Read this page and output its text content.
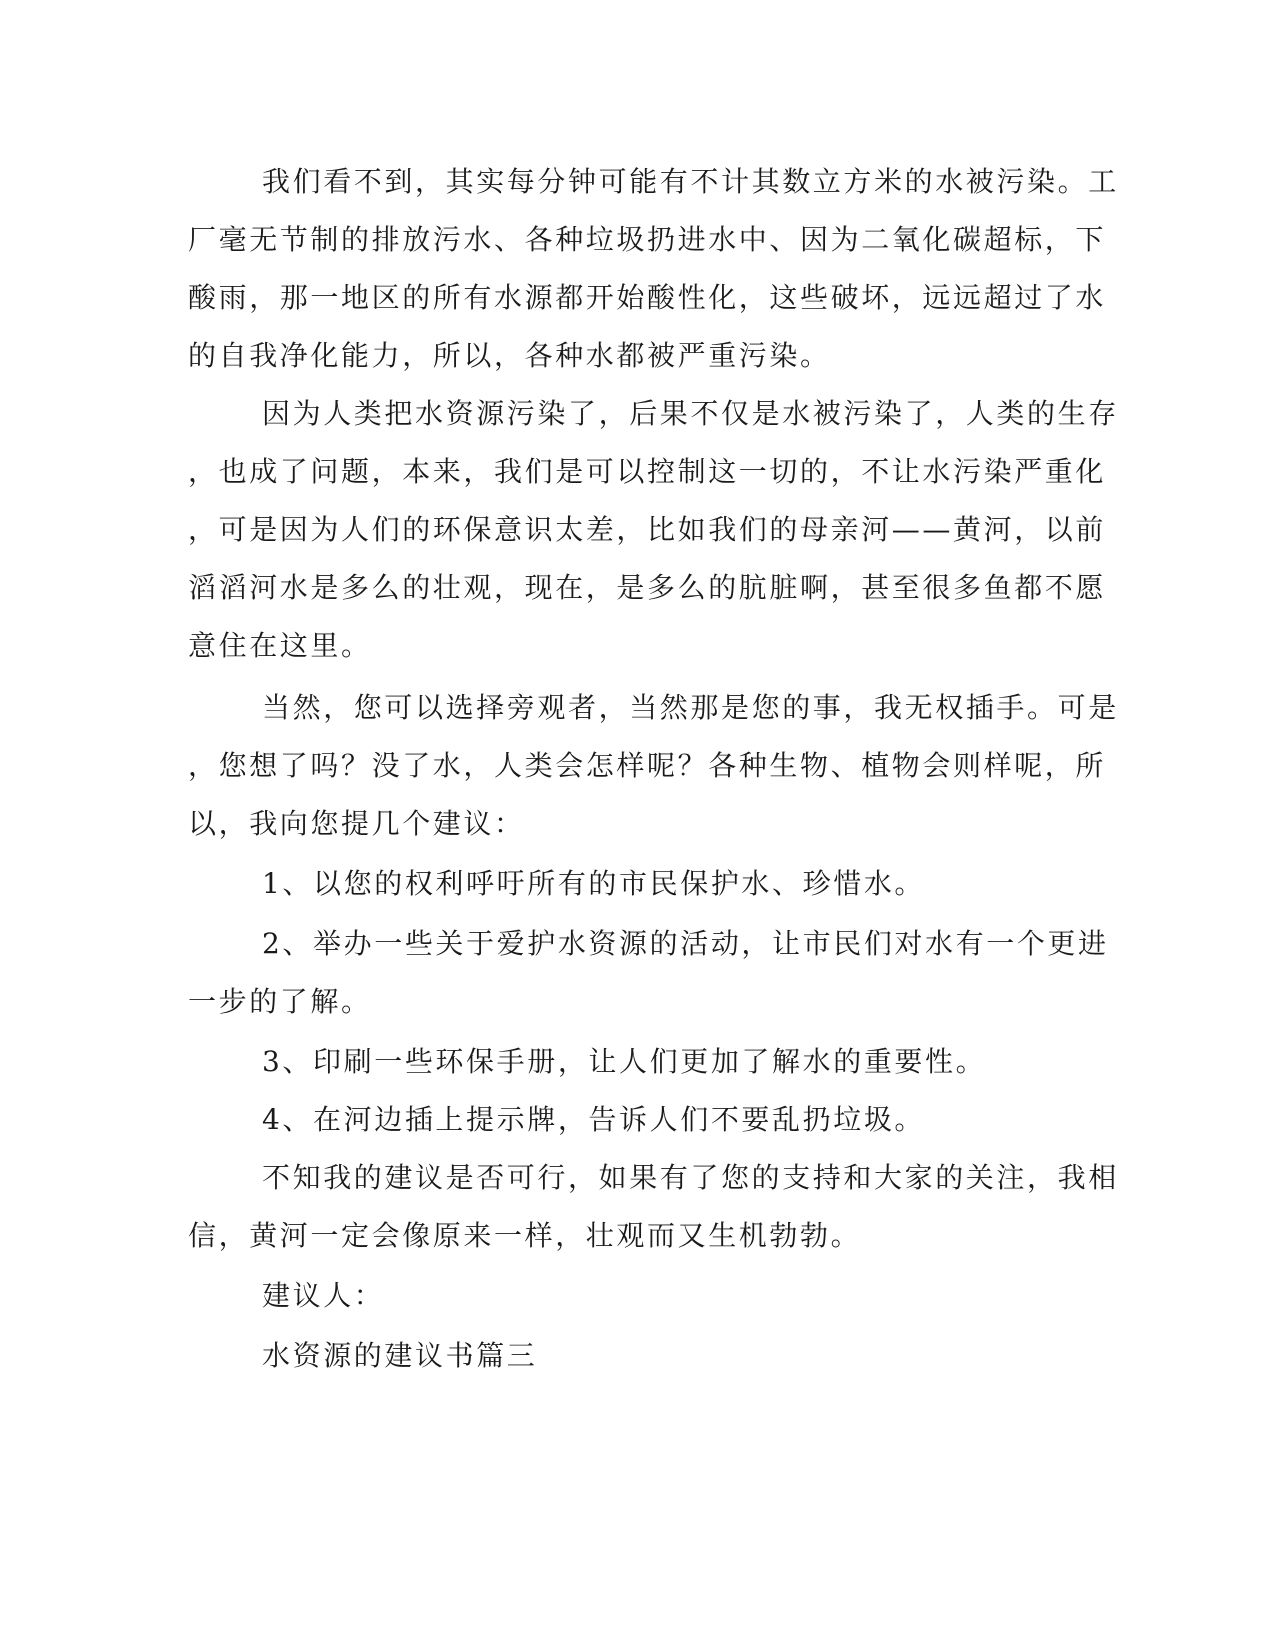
我们看不到，其实每分钟可能有不计其数立方米的水被污染。工

厂毫无节制的排放污水、各种垃圾扔进水中、因为二氧化碳超标，下

酸雨，那一地区的所有水源都开始酸性化，这些破坏，远远超过了水

的自我净化能力，所以，各种水都被严重污染。

因为人类把水资源污染了，后果不仅是水被污染了，人类的生存

，也成了问题，本来，我们是可以控制这一切的，不让水污染严重化

，可是因为人们的环保意识太差，比如我们的母亲河——黄河，以前

滔滔河水是多么的壮观，现在，是多么的肮脏啊，甚至很多鱼都不愿

意住在这里。

当然，您可以选择旁观者，当然那是您的事，我无权插手。可是

，您想了吗？没了水，人类会怎样呢？各种生物、植物会则样呢，所

以，我向您提几个建议：

1、以您的权利呼吁所有的市民保护水、珍惜水。

2、举办一些关于爱护水资源的活动，让市民们对水有一个更进

一步的了解。

3、印刷一些环保手册，让人们更加了解水的重要性。

4、在河边插上提示牌，告诉人们不要乱扔垃圾。

不知我的建议是否可行，如果有了您的支持和大家的关注，我相

信，黄河一定会像原来一样，壮观而又生机勃勃。

建议人：

水资源的建议书篇三
